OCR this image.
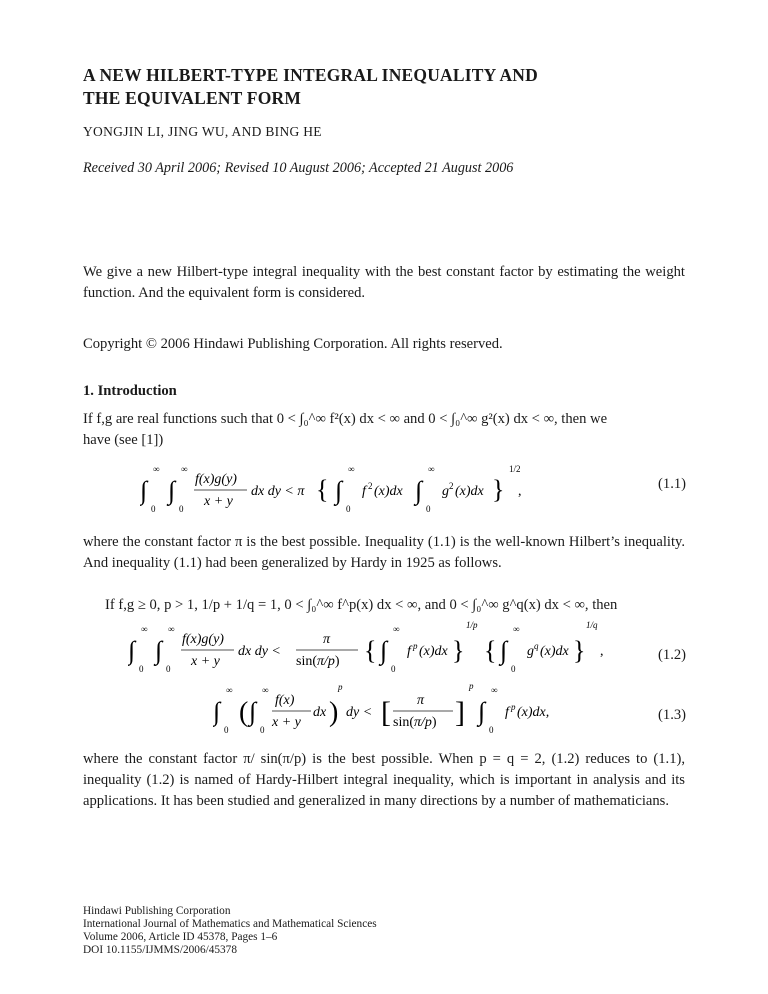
A NEW HILBERT-TYPE INTEGRAL INEQUALITY AND
THE EQUIVALENT FORM
YONGJIN LI, JING WU, AND BING HE
Received 30 April 2006; Revised 10 August 2006; Accepted 21 August 2006
We give a new Hilbert-type integral inequality with the best constant factor by estimating the weight function. And the equivalent form is considered.
Copyright © 2006 Hindawi Publishing Corporation. All rights reserved.
1. Introduction
If f,g are real functions such that 0 < ∫₀^∞ f²(x) dx < ∞ and 0 < ∫₀^∞ g²(x) dx < ∞, then we
have (see [1])
∫
∞
0
∫
∞
0
f(x)g(y)
x + y
dx dy < π { ∫
∞
0
f 2 (x)dx ∫
∞
0
g 2 (x)dx }
1/2
,	(1.1)
where the constant factor π is the best possible. Inequality (1.1) is the well-known Hilbert’s inequality. And inequality (1.1) had been generalized by Hardy in 1925 as follows.
If f,g ≥ 0, p > 1, 1/p + 1/q = 1, 0 < ∫₀^∞ f^p(x) dx < ∞, and 0 < ∫₀^∞ g^q(x) dx < ∞, then
∫
∞
0
∫
∞
0
f(x)g(y)
x + y
dx dy <
π
sin(π/p) { ∫
∞
0
f p (x)dx }
1/p
{ ∫
∞
0
g q (x)dx }
1/q
,	(1.2)
∫
∞
0
( ∫
∞
0
f(x)
x + y
dx )
p
dy < [ π
sin(π/p) ]
p
∫
∞
0
f p (x)dx,	(1.3)
where the constant factor π/ sin(π/p) is the best possible. When p = q = 2, (1.2) reduces to (1.1), inequality (1.2) is named of Hardy-Hilbert integral inequality, which is important in analysis and its applications. It has been studied and generalized in many directions by a number of mathematicians.
Hindawi Publishing Corporation
International Journal of Mathematics and Mathematical Sciences
Volume 2006, Article ID 45378, Pages 1–6
DOI 10.1155/IJMMS/2006/45378
